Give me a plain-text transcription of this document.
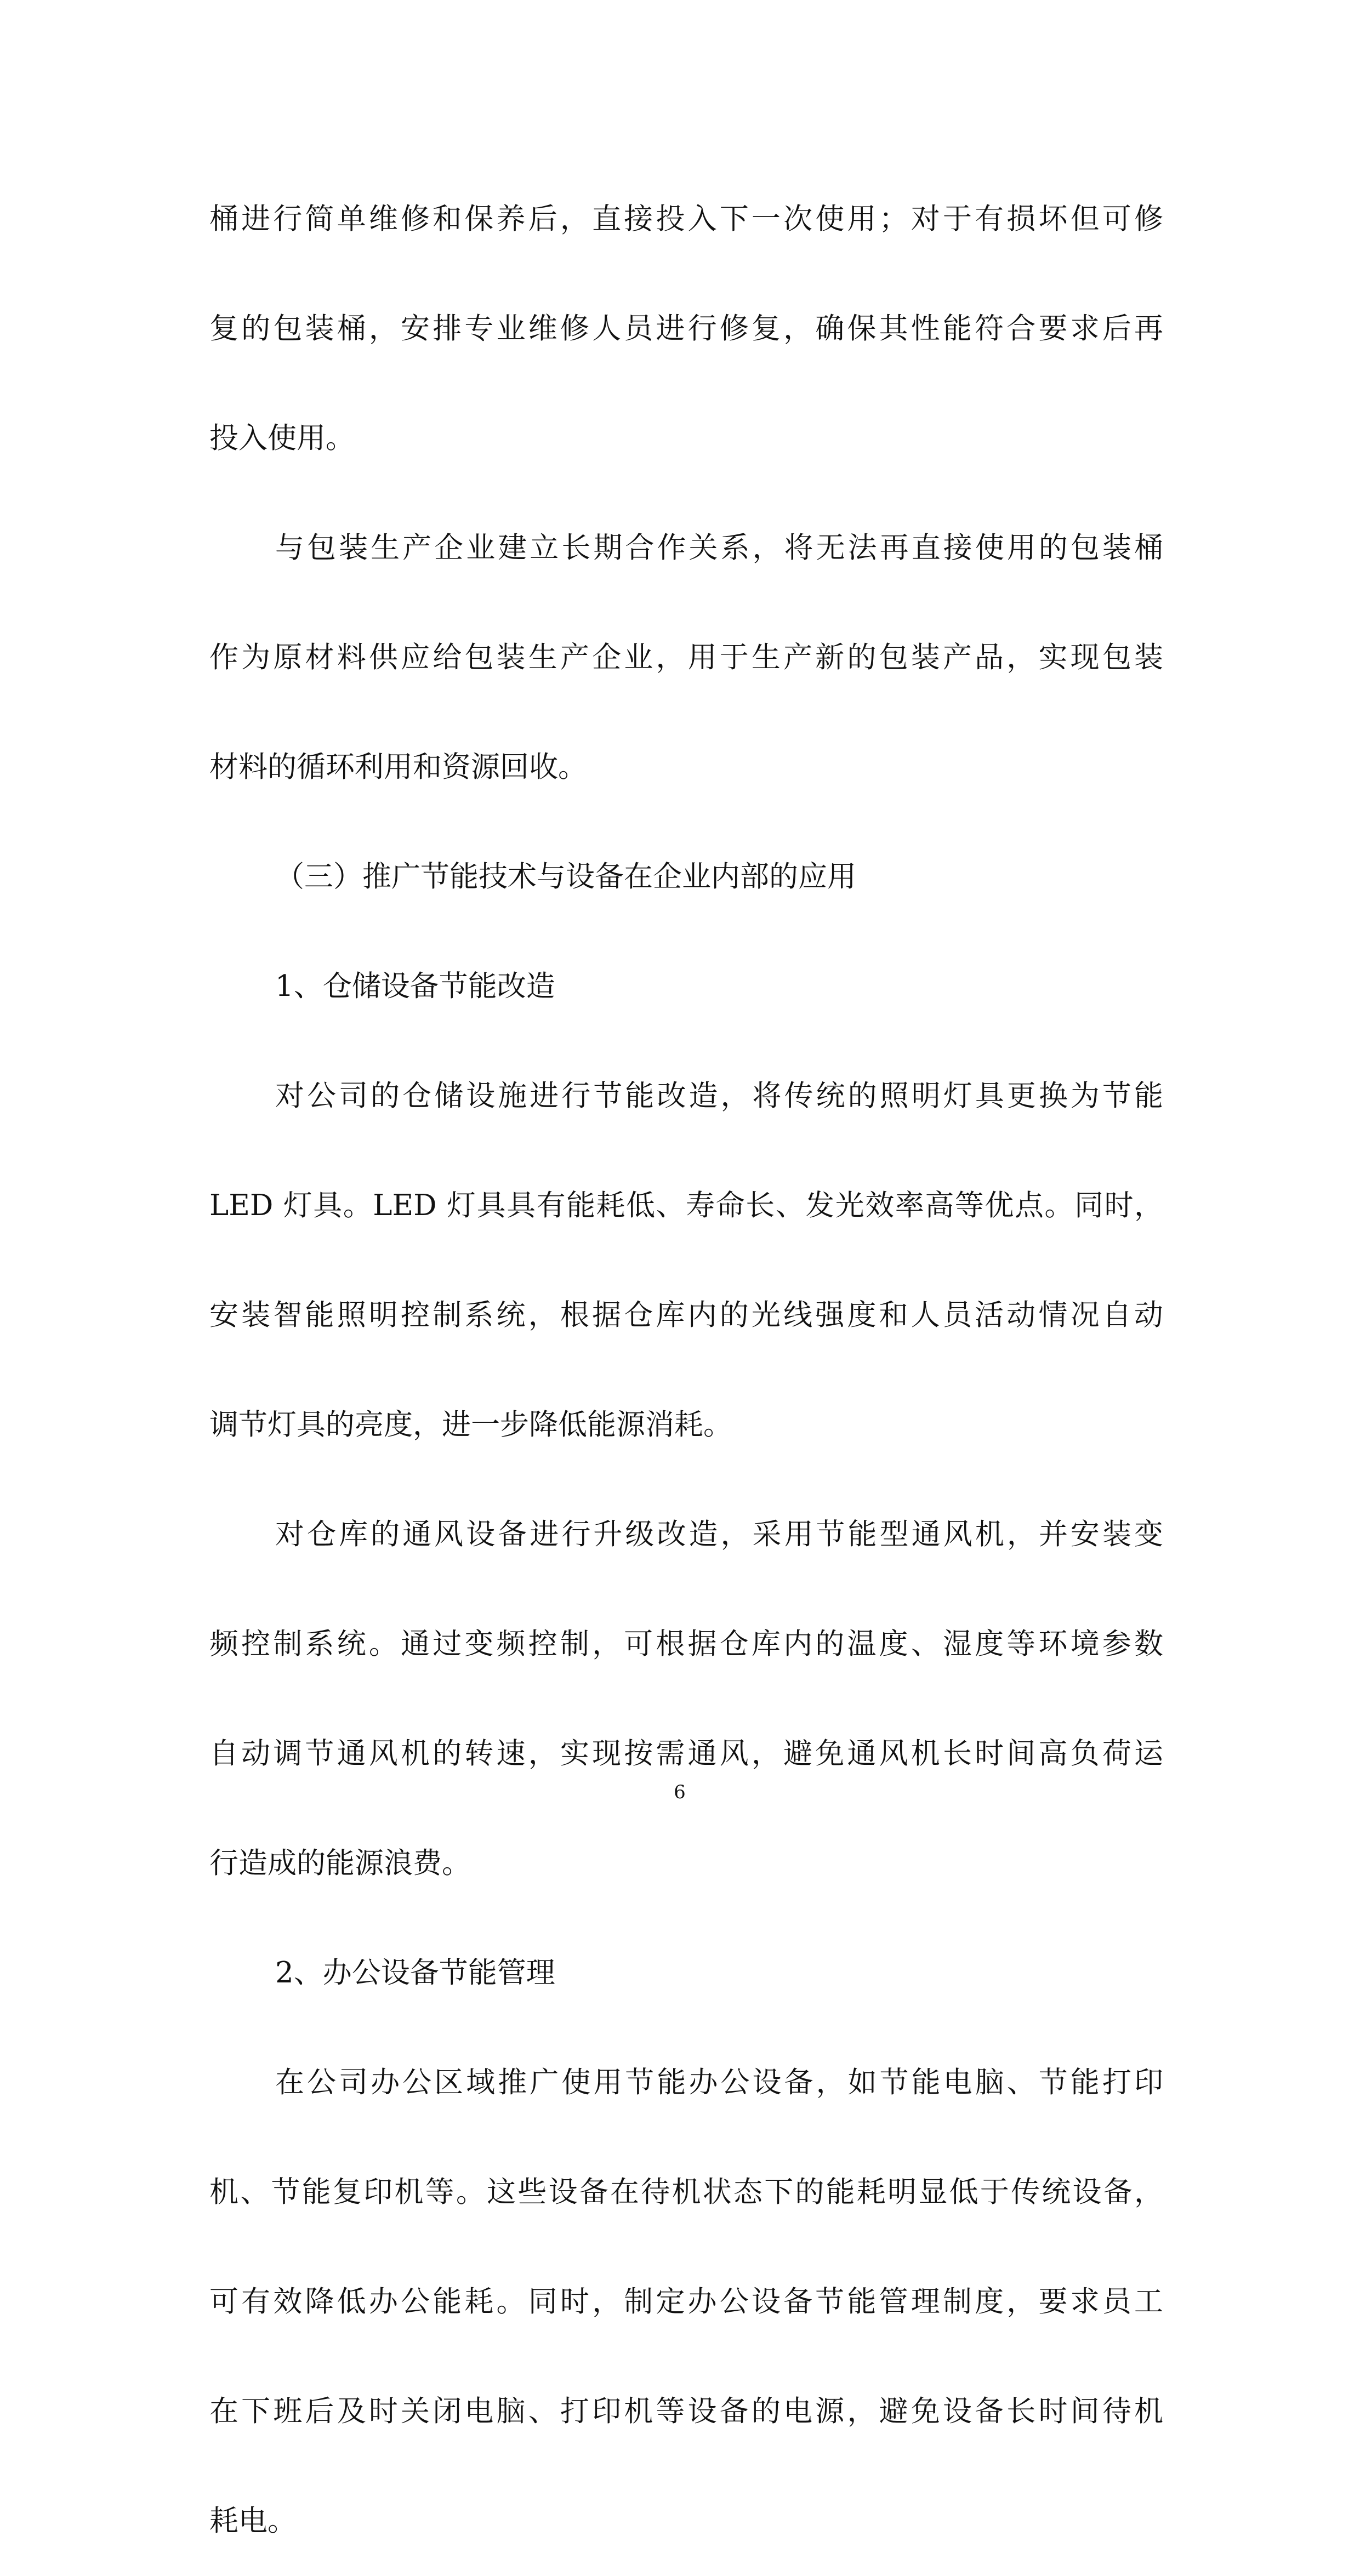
桶进行简单维修和保养后，直接投入下一次使用；对于有损坏但可修
复的包装桶，安排专业维修人员进行修复，确保其性能符合要求后再
投入使用。
与包装生产企业建立长期合作关系，将无法再直接使用的包装桶
作为原材料供应给包装生产企业，用于生产新的包装产品，实现包装
材料的循环利用和资源回收。
（三）推广节能技术与设备在企业内部的应用
1、仓储设备节能改造
对公司的仓储设施进行节能改造，将传统的照明灯具更换为节能
LED 灯具。LED 灯具具有能耗低、寿命长、发光效率高等优点。同时，
安装智能照明控制系统，根据仓库内的光线强度和人员活动情况自动
调节灯具的亮度，进一步降低能源消耗。
对仓库的通风设备进行升级改造，采用节能型通风机，并安装变
频控制系统。通过变频控制，可根据仓库内的温度、湿度等环境参数
自动调节通风机的转速，实现按需通风，避免通风机长时间高负荷运
行造成的能源浪费。
2、办公设备节能管理
在公司办公区域推广使用节能办公设备，如节能电脑、节能打印
机、节能复印机等。这些设备在待机状态下的能耗明显低于传统设备，
可有效降低办公能耗。同时，制定办公设备节能管理制度，要求员工
在下班后及时关闭电脑、打印机等设备的电源，避免设备长时间待机
耗电。
6
